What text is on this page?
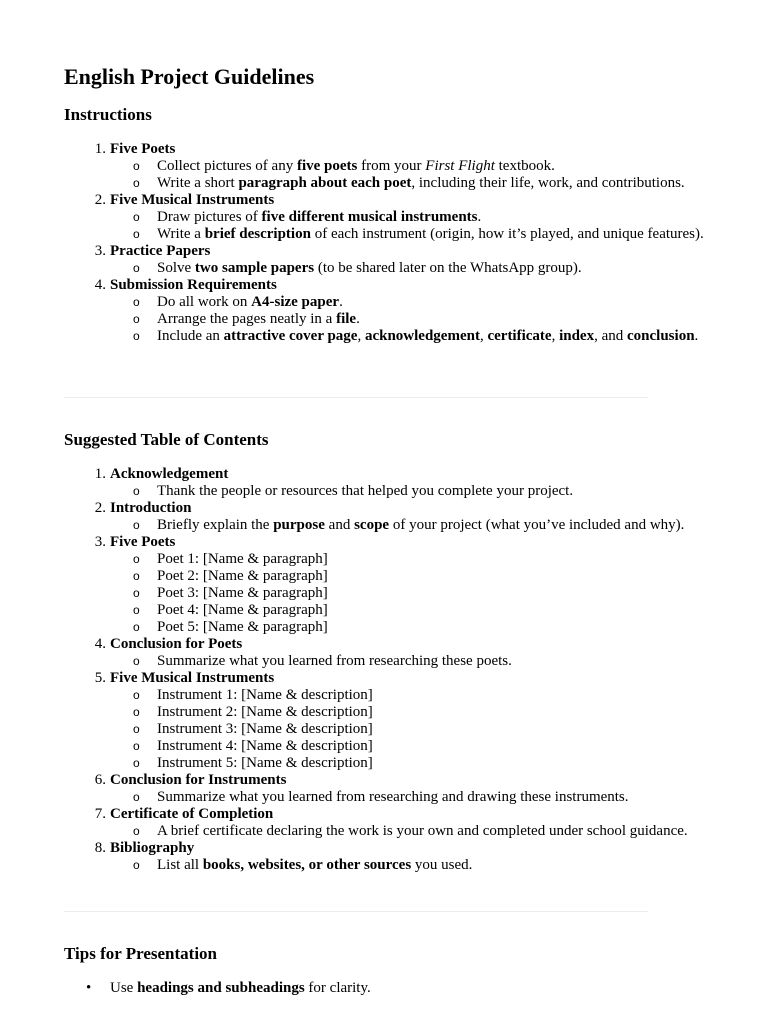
English Project Guidelines
Instructions
1. Five Poets
o Collect pictures of any five poets from your First Flight textbook.
o Write a short paragraph about each poet, including their life, work, and contributions.
2. Five Musical Instruments
o Draw pictures of five different musical instruments.
o Write a brief description of each instrument (origin, how it’s played, and unique features).
3. Practice Papers
o Solve two sample papers (to be shared later on the WhatsApp group).
4. Submission Requirements
o Do all work on A4-size paper.
o Arrange the pages neatly in a file.
o Include an attractive cover page, acknowledgement, certificate, index, and conclusion.
Suggested Table of Contents
1. Acknowledgement
o Thank the people or resources that helped you complete your project.
2. Introduction
o Briefly explain the purpose and scope of your project (what you’ve included and why).
3. Five Poets
o Poet 1: [Name & paragraph]
o Poet 2: [Name & paragraph]
o Poet 3: [Name & paragraph]
o Poet 4: [Name & paragraph]
o Poet 5: [Name & paragraph]
4. Conclusion for Poets
o Summarize what you learned from researching these poets.
5. Five Musical Instruments
o Instrument 1: [Name & description]
o Instrument 2: [Name & description]
o Instrument 3: [Name & description]
o Instrument 4: [Name & description]
o Instrument 5: [Name & description]
6. Conclusion for Instruments
o Summarize what you learned from researching and drawing these instruments.
7. Certificate of Completion
o A brief certificate declaring the work is your own and completed under school guidance.
8. Bibliography
o List all books, websites, or other sources you used.
Tips for Presentation
• Use headings and subheadings for clarity.
